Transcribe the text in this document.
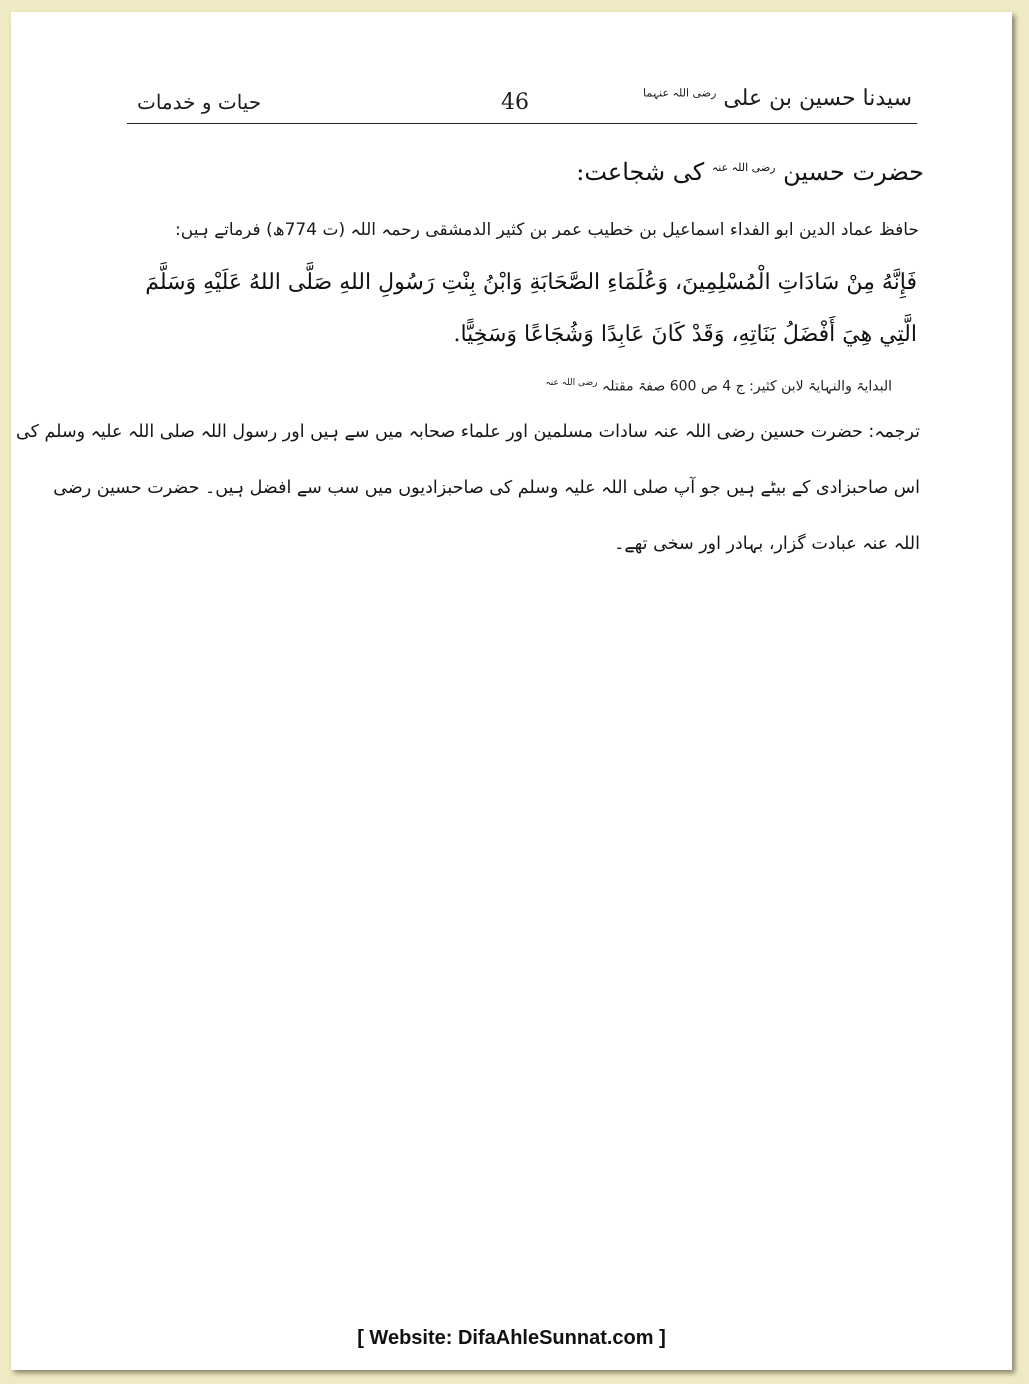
سیدنا حسین بن علی $^{رضی اللہ عنہما}$
46
حیات و خدمات
حضرت حسین $^{رضی اللہ عنہ}$ کی شجاعت:
حافظ عماد الدین ابو الفداء اسماعیل بن خطیب عمر بن کثیر الدمشقی رحمہ اللہ (ت 774ھ) فرماتے ہیں:
فَإِنَّهُ مِنْ سَادَاتِ الْمُسْلِمِينَ، وَعُلَمَاءِ الصَّحَابَةِ وَابْنُ بِنْتِ رَسُولِ اللهِ صَلَّى اللهُ عَلَيْهِ وَسَلَّمَ
الَّتِي هِيَ أَفْضَلُ بَنَاتِهِ، وَقَدْ كَانَ عَابِدًا وَشُجَاعًا وَسَخِيًّا.
البدایۃ والنہایۃ لابن کثیر: ج 4 ص 600 صفۃ مقتلہ $^{رضی اللہ عنہ}$
ترجمہ: حضرت حسین رضی اللہ عنہ سادات مسلمین اور علماء صحابہ میں سے ہیں اور رسول اللہ صلی اللہ علیہ وسلم کی
اس صاحبزادی کے بیٹے ہیں جو آپ صلی اللہ علیہ وسلم کی صاحبزادیوں میں سب سے افضل ہیں۔ حضرت حسین رضی
اللہ عنہ عبادت گزار، بہادر اور سخی تھے۔
[ Website: DifaAhleSunnat.com ]
